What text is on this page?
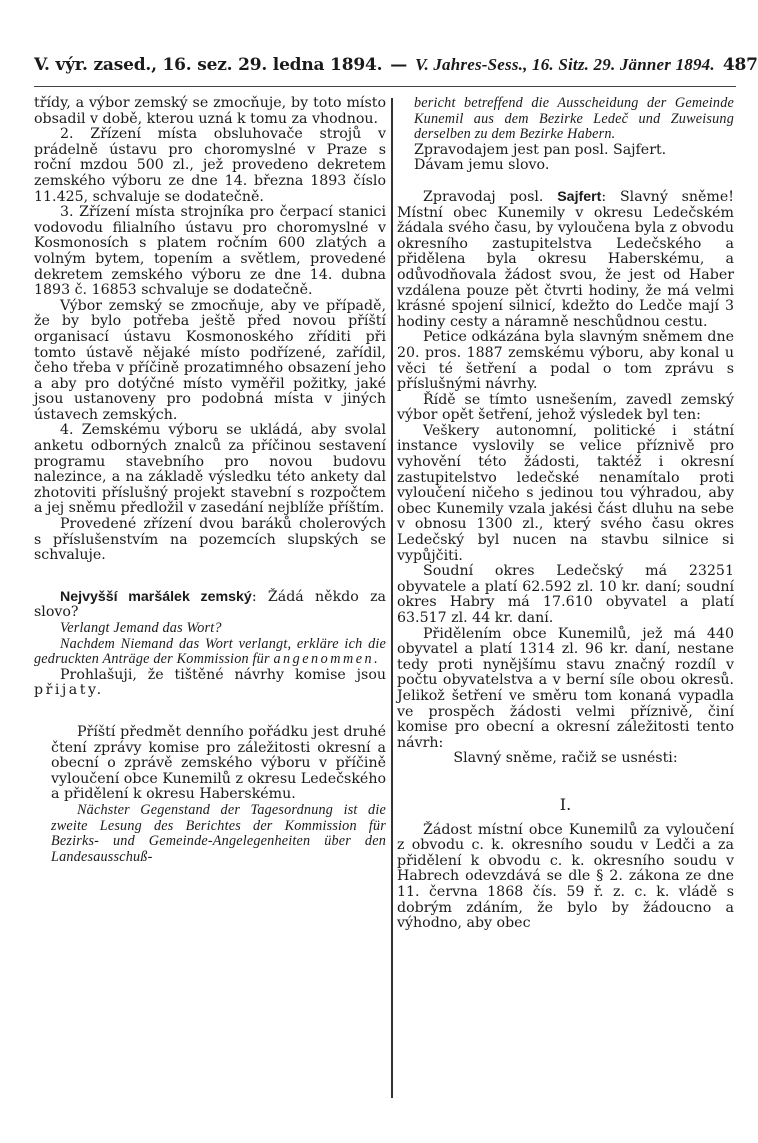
V. výr. zased., 16. sez. 29. ledna 1894. — V. Jahres-Sess., 16. Sitz. 29. Jänner 1894. 487

třídy, a výbor zemský se zmocňuje, by toto místo obsadil v době, kterou uzná k tomu za vhodnou.

2. Zřízení místa obsluhovače strojů v prádelně ústavu pro choromyslné v Praze s roční mzdou 500 zl., jež provedeno dekretem zemského výboru ze dne 14. března 1893 číslo 11.425, schvaluje se dodatečně.

3. Zřízení místa strojníka pro čerpací stanici vodovodu filialního ústavu pro choromyslné v Kosmonosích s platem ročním 600 zlatých a volným bytem, topením a světlem, provedené dekretem zemského výboru ze dne 14. dubna 1893 č. 16853 schvaluje se dodatečně.

Výbor zemský se zmocňuje, aby ve případě, že by bylo potřeba ještě před novou příští organisací ústavu Kosmonoského zříditi při tomto ústavě nějaké místo podřízené, zařídil, čeho třeba v příčině prozatimného obsazení jeho a aby pro dotýčné místo vyměřil požitky, jaké jsou ustanoveny pro podobná místa v jiných ústavech zemských.

4. Zemskému výboru se ukládá, aby svolal anketu odborných znalců za příčinou sestavení programu stavebního pro novou budovu nalezince, a na základě výsledku této ankety dal zhotoviti příslušný projekt stavební s rozpočtem a jej sněmu předložil v zasedání nejblíže příštím.

Provedené zřízení dvou baráků cholerových s příslušenstvím na pozemcích slupských se schvaluje.

Nejvyšší maršálek zemský: Žádá někdo za slovo?

Verlangt Jemand das Wort?

Nachdem Niemand das Wort verlangt, erkläre ich die gedruckten Anträge der Kommission für angenommen.

Prohlašuji, že tištěné návrhy komise jsou přijaty.

Příští předmět denního pořádku jest druhé čtení zprávy komise pro záležitosti okresní a obecní o zprávě zemského výboru v příčině vyloučení obce Kunemilů z okresu Ledečského a přidělení k okresu Haberskému.

Nächster Gegenstand der Tagesordnung ist die zweite Lesung des Berichtes der Kommission für Bezirks- und Gemeinde-Angelegenheiten über den Landesausschuß-

bericht betreffend die Ausscheidung der Gemeinde Kunemil aus dem Bezirke Ledeč und Zuweisung derselben zu dem Bezirke Habern.

Zpravodajem jest pan posl. Sajfert.

Dávam jemu slovo.

Zpravodaj posl. Sajfert: Slavný sněme! Místní obec Kunemily v okresu Ledečském žádala svého času, by vyloučena byla z obvodu okresního zastupitelstva Ledečského a přidělena byla okresu Haberskému, a odůvodňovala žádost svou, že jest od Haber vzdálena pouze pět čtvrti hodiny, že má velmi krásné spojení silnicí, kdežto do Ledče mají 3 hodiny cesty a náramně neschůdnou cestu.

Petice odkázána byla slavným sněmem dne 20. pros. 1887 zemskému výboru, aby konal u věci té šetření a podal o tom zprávu s příslušnými návrhy.

Řídě se tímto usnešením, zavedl zemský výbor opět šetření, jehož výsledek byl ten:

Veškery autonomní, politické i státní instance vyslovily se velice příznivě pro vyhovění této žádosti, taktéž i okresní zastupitelstvo ledečské nenamítalo proti vyloučení ničeho s jedinou tou výhradou, aby obec Kunemily vzala jakési část dluhu na sebe v obnosu 1300 zl., který svého času okres Ledečský byl nucen na stavbu silnice si vypůjčiti.

Soudní okres Ledečský má 23251 obyvatele a platí 62.592 zl. 10 kr. daní; soudní okres Habry má 17.610 obyvatel a platí 63.517 zl. 44 kr. daní.

Přidělením obce Kunemilů, jež má 440 obyvatel a platí 1314 zl. 96 kr. daní, nestane tedy proti nynějšímu stavu značný rozdíl v počtu obyvatelstva a v berní síle obou okresů. Jelikož šetření ve směru tom konaná vypadla ve prospěch žádosti velmi příznivě, činí komise pro obecní a okresní záležitosti tento návrh:

Slavný sněme, račiž se usnésti:

I.

Žádost místní obce Kunemilů za vyloučení z obvodu c. k. okresního soudu v Ledči a za přidělení k obvodu c. k. okresního soudu v Habrech odevzdává se dle § 2. zákona ze dne 11. června 1868 čís. 59 ř. z. c. k. vládě s dobrým zdáním, že bylo by žádoucno a výhodno, aby obec
